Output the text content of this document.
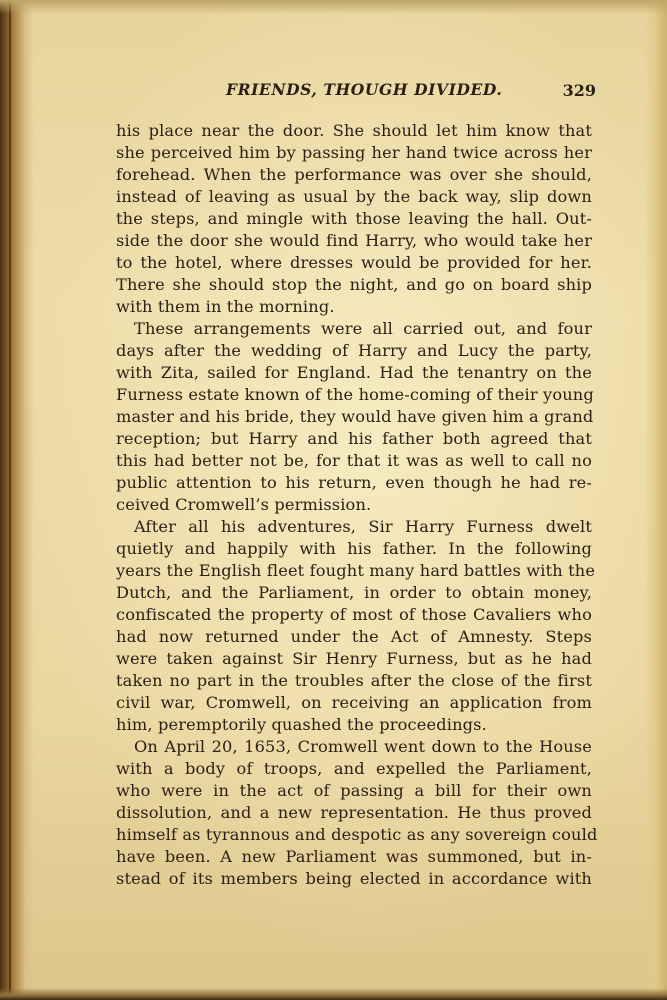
FRIENDS, THOUGH DIVIDED.	329
his place near the door. She should let him know that
she perceived him by passing her hand twice across her
forehead. When the performance was over she should,
instead of leaving as usual by the back way, slip down
the steps, and mingle with those leaving the hall. Out-
side the door she would find Harry, who would take her
to the hotel, where dresses would be provided for her.
There she should stop the night, and go on board ship
with them in the morning.
These arrangements were all carried out, and four
days after the wedding of Harry and Lucy the party,
with Zita, sailed for England. Had the tenantry on the
Furness estate known of the home-coming of their young
master and his bride, they would have given him a grand
reception; but Harry and his father both agreed that
this had better not be, for that it was as well to call no
public attention to his return, even though he had re-
ceived Cromwell’s permission.
After all his adventures, Sir Harry Furness dwelt
quietly and happily with his father. In the following
years the English fleet fought many hard battles with the
Dutch, and the Parliament, in order to obtain money,
confiscated the property of most of those Cavaliers who
had now returned under the Act of Amnesty. Steps
were taken against Sir Henry Furness, but as he had
taken no part in the troubles after the close of the first
civil war, Cromwell, on receiving an application from
him, peremptorily quashed the proceedings.
On April 20, 1653, Cromwell went down to the House
with a body of troops, and expelled the Parliament,
who were in the act of passing a bill for their own
dissolution, and a new representation. He thus proved
himself as tyrannous and despotic as any sovereign could
have been. A new Parliament was summoned, but in-
stead of its members being elected in accordance with
